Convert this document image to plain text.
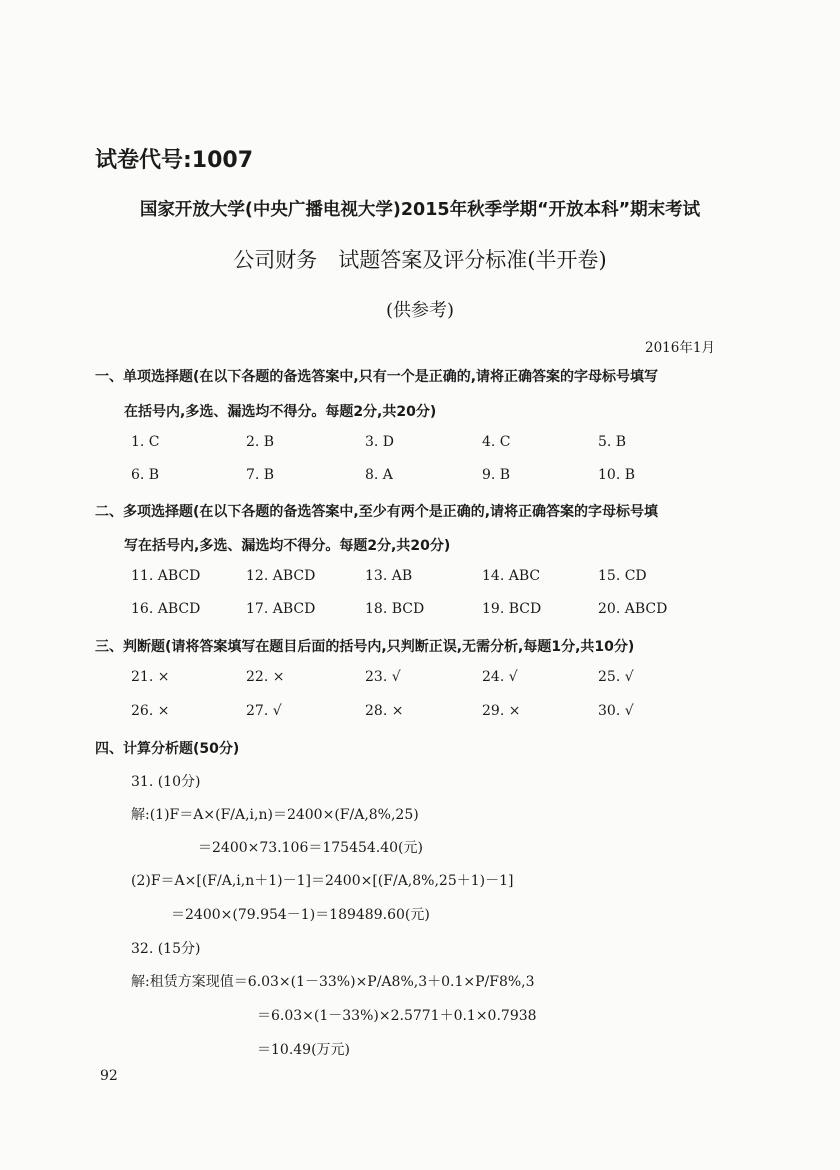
试卷代号:1007
国家开放大学(中央广播电视大学)2015年秋季学期“开放本科”期末考试
公司财务　试题答案及评分标准(半开卷)
(供参考)
2016年1月
一、单项选择题(在以下各题的备选答案中,只有一个是正确的,请将正确答案的字母标号填写
在括号内,多选、漏选均不得分。每题2分,共20分)
1. C	2. B	3. D	4. C	5. B
6. B	7. B	8. A	9. B	10. B
二、多项选择题(在以下各题的备选答案中,至少有两个是正确的,请将正确答案的字母标号填
写在括号内,多选、漏选均不得分。每题2分,共20分)
11. ABCD	12. ABCD	13. AB	14. ABC	15. CD
16. ABCD	17. ABCD	18. BCD	19. BCD	20. ABCD
三、判断题(请将答案填写在题目后面的括号内,只判断正误,无需分析,每题1分,共10分)
21. ×	22. ×	23. √	24. √	25. √
26. ×	27. √	28. ×	29. ×	30. √
四、计算分析题(50分)
31. (10分)
解:(1)F＝A×(F/A,i,n)＝2400×(F/A,8%,25)
＝2400×73.106＝175454.40(元)
(2)F＝A×[(F/A,i,n＋1)－1]＝2400×[(F/A,8%,25＋1)－1]
＝2400×(79.954－1)＝189489.60(元)
32. (15分)
解:租赁方案现值＝6.03×(1－33%)×P/A8%,3＋0.1×P/F8%,3
＝6.03×(1－33%)×2.5771＋0.1×0.7938
＝10.49(万元)
92
